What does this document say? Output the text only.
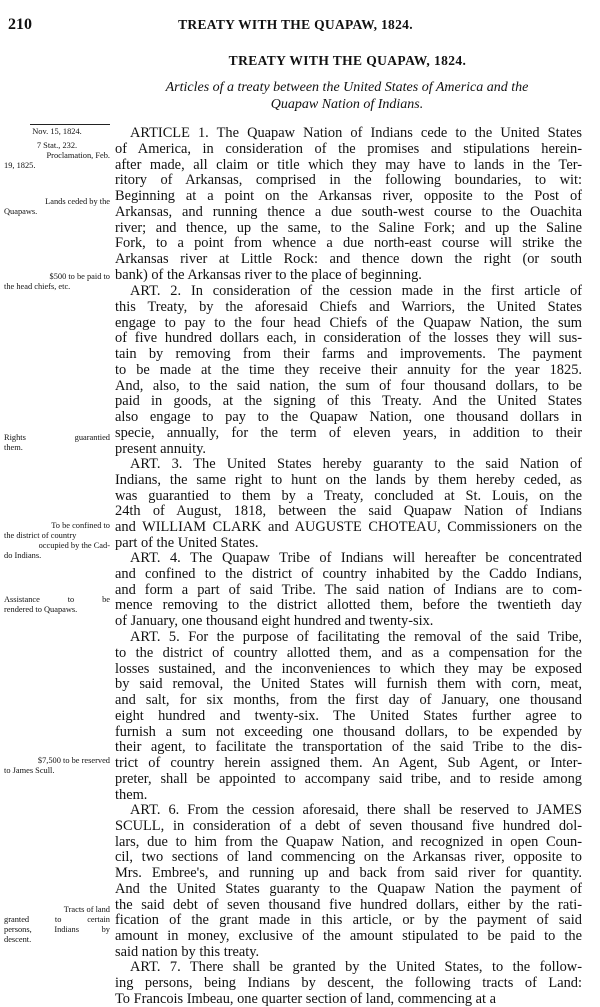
210	TREATY WITH THE QUAPAW, 1824.
TREATY WITH THE QUAPAW, 1824.
Articles of a treaty between the United States of America and the
Quapaw Nation of Indians.
Nov. 15, 1824.
7 Stat., 232.
Proclamation, Feb.
19, 1825.
Lands ceded by the
Quapaws.
$500 to be paid to
the head chiefs, etc.
Rights guarantied
them.
To be confined to
the district of country
occupied by the Cad-
do Indians.
Assistance to be
rendered to Quapaws.
$7,500 to be reserved
to James Scull.
Tracts of land
granted to certain
persons, Indians by
descent.
ARTICLE 1. The Quapaw Nation of Indians cede to the United States
of America, in consideration of the promises and stipulations herein-
after made, all claim or title which they may have to lands in the Ter-
ritory of Arkansas, comprised in the following boundaries, to wit:
Beginning at a point on the Arkansas river, opposite to the Post of
Arkansas, and running thence a due south-west course to the Ouachita
river; and thence, up the same, to the Saline Fork; and up the Saline
Fork, to a point from whence a due north-east course will strike the
Arkansas river at Little Rock: and thence down the right (or south
bank) of the Arkansas river to the place of beginning.
ART. 2. In consideration of the cession made in the first article of
this Treaty, by the aforesaid Chiefs and Warriors, the United States
engage to pay to the four head Chiefs of the Quapaw Nation, the sum
of five hundred dollars each, in consideration of the losses they will sus-
tain by removing from their farms and improvements. The payment
to be made at the time they receive their annuity for the year 1825.
And, also, to the said nation, the sum of four thousand dollars, to be
paid in goods, at the signing of this Treaty. And the United States
also engage to pay to the Quapaw Nation, one thousand dollars in
specie, annually, for the term of eleven years, in addition to their
present annuity.
ART. 3. The United States hereby guaranty to the said Nation of
Indians, the same right to hunt on the lands by them hereby ceded, as
was guarantied to them by a Treaty, concluded at St. Louis, on the
24th of August, 1818, between the said Quapaw Nation of Indians
and WILLIAM CLARK and AUGUSTE CHOTEAU, Commissioners on the
part of the United States.
ART. 4. The Quapaw Tribe of Indians will hereafter be concentrated
and confined to the district of country inhabited by the Caddo Indians,
and form a part of said Tribe. The said nation of Indians are to com-
mence removing to the district allotted them, before the twentieth day
of January, one thousand eight hundred and twenty-six.
ART. 5. For the purpose of facilitating the removal of the said Tribe,
to the district of country allotted them, and as a compensation for the
losses sustained, and the inconveniences to which they may be exposed
by said removal, the United States will furnish them with corn, meat,
and salt, for six months, from the first day of January, one thousand
eight hundred and twenty-six. The United States further agree to
furnish a sum not exceeding one thousand dollars, to be expended by
their agent, to facilitate the transportation of the said Tribe to the dis-
trict of country herein assigned them. An Agent, Sub Agent, or Inter-
preter, shall be appointed to accompany said tribe, and to reside among
them.
ART. 6. From the cession aforesaid, there shall be reserved to JAMES
SCULL, in consideration of a debt of seven thousand five hundred dol-
lars, due to him from the Quapaw Nation, and recognized in open Coun-
cil, two sections of land commencing on the Arkansas river, opposite to
Mrs. Embree's, and running up and back from said river for quantity.
And the United States guaranty to the Quapaw Nation the payment of
the said debt of seven thousand five hundred dollars, either by the rati-
fication of the grant made in this article, or by the payment of said
amount in money, exclusive of the amount stipulated to be paid to the
said nation by this treaty.
ART. 7. There shall be granted by the United States, to the follow-
ing persons, being Indians by descent, the following tracts of Land:
To Francois Imbeau, one quarter section of land, commencing at a
